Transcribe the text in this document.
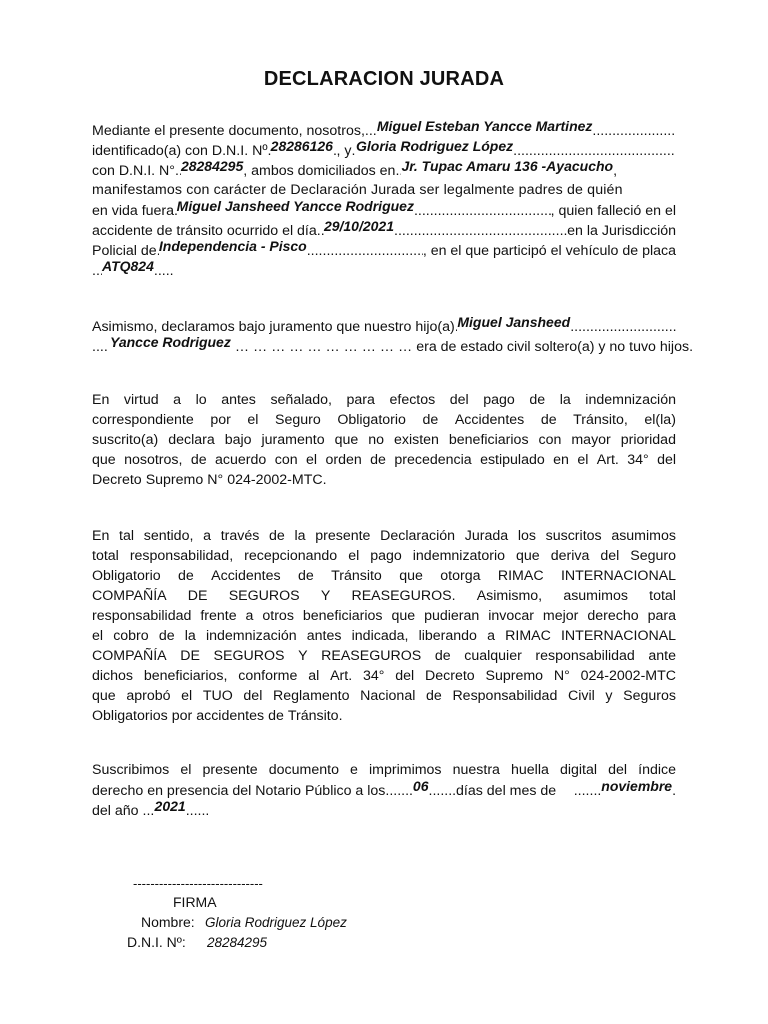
DECLARACION JURADA
Mediante el presente documento, nosotros, ..... Miguel Esteban Yancce Martinez
.....
identificado(a) con D.N.I. Nº ..... 28286126 ..... , y ..... Gloria Rodriguez López
.....
con D.N.I. N° ..... 28284295 , ambos domiciliados en ..... Jr. Tupac Amaru 136 -Ayacucho ,
manifestamos con carácter de Declaración Jurada ser legalmente padres de quién
en vida fuera ..... Miguel Jansheed Yancce Rodriguez .....	, quien falleció en el
accidente de tránsito ocurrido el día ..... 29/10/2021 .....	en la Jurisdicción
Policial de ..... Independencia - Pisco .....	, en el que participó el vehículo de placa
.....
ATQ824
.....
Asimismo, declaramos bajo juramento que nuestro hijo(a) ..... Miguel Jansheed
.....
.....
Yancce Rodriguez … … … … … … … … … … era de estado civil soltero(a) y no tuvo hijos.
En virtud a lo antes señalado, para efectos del pago de la indemnización
correspondiente por el Seguro Obligatorio de Accidentes de Tránsito, el(la)
suscrito(a) declara bajo juramento que no existen beneficiarios con mayor prioridad
que nosotros, de acuerdo con el orden de precedencia estipulado en el Art. 34° del
Decreto Supremo N° 024-2002-MTC.
En tal sentido, a través de la presente Declaración Jurada los suscritos asumimos
total responsabilidad, recepcionando el pago indemnizatorio que deriva del Seguro
Obligatorio de Accidentes de Tránsito que otorga RIMAC INTERNACIONAL
COMPAÑÍA DE SEGUROS Y REASEGUROS. Asimismo, asumimos total
responsabilidad frente a otros beneficiarios que pudieran invocar mejor derecho para
el cobro de la indemnización antes indicada, liberando a RIMAC INTERNACIONAL
COMPAÑÍA DE SEGUROS Y REASEGUROS de cualquier responsabilidad ante
dichos beneficiarios, conforme al Art. 34° del Decreto Supremo N° 024-2002-MTC
que aprobó el TUO del Reglamento Nacional de Responsabilidad Civil y Seguros
Obligatorios por accidentes de Tránsito.
Suscribimos el presente documento e imprimimos nuestra huella digital del índice
derecho en presencia del Notario Público a los ..... 06 ..... días del mes de .....	noviembre .
del año ..... 2021
.....
------------------------------
FIRMA
Nombre: Gloria Rodriguez López
D.N.I. Nº: 28284295
